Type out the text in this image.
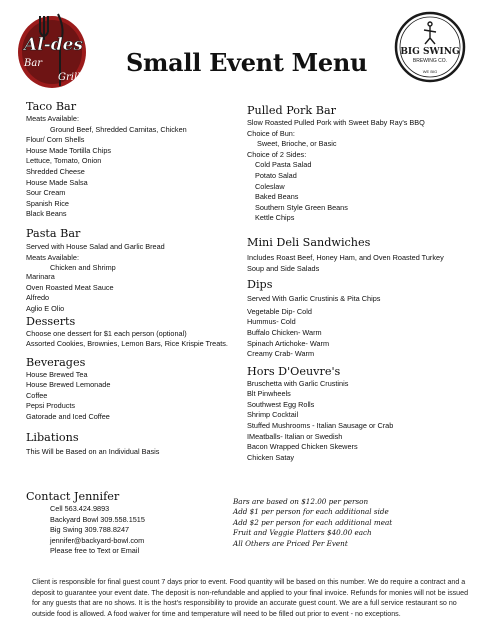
Al-des
Bar
Grill
BIG SWING
BREWING CO.
WE BIG
Small Event Menu
Taco Bar
Meats Available:
Ground Beef, Shredded Carnitas, Chicken
Flour/ Corn Shells
House Made Tortilla Chips
Lettuce, Tomato, Onion
Shredded Cheese
House Made Salsa
Sour Cream
Spanish Rice
Black Beans
Pasta Bar
Served with House Salad and Garlic Bread
Meats Available:
Chicken and Shrimp
Marinara
Oven Roasted Meat Sauce
Alfredo
Aglio E Olio
Desserts
Choose one dessert for $1 each person (optional)
Assorted Cookies, Brownies, Lemon Bars, Rice Krispie Treats.
Beverages
House Brewed Tea
House Brewed Lemonade
Coffee
Pepsi Products
Gatorade and Iced Coffee
Libations
This Will be Based on an Individual Basis
Pulled Pork Bar
Slow Roasted Pulled Pork with Sweet Baby Ray's BBQ
Choice of Bun:
Sweet, Brioche, or Basic
Choice of 2 Sides:
Cold Pasta Salad
Potato Salad
Coleslaw
Baked Beans
Southern Style Green Beans
Kettle Chips
Mini Deli Sandwiches
Includes Roast Beef, Honey Ham, and Oven Roasted Turkey
Soup and Side Salads
Dips
Served With Garlic Crustinis & Pita Chips
Vegetable Dip- Cold
Hummus- Cold
Buffalo Chicken- Warm
Spinach Artichoke- Warm
Creamy Crab- Warm
Hors D'Oeuvre's
Bruschetta with Garlic Crustinis
Blt Pinwheels
Southwest Egg Rolls
Shrimp Cocktail
Stuffed Mushrooms - Italian Sausage or Crab
IMeatballs- Italian or Swedish
Bacon Wrapped Chicken Skewers
Chicken Satay
Contact Jennifer
Cell 563.424.9893
Backyard Bowl 309.558.1515
Big Swing 309.788.8247
jennifer@backyard-bowl.com
Please free to Text or Email
Bars are based on $12.00 per person
Add $1 per person for each additional side
Add $2 per person for each additional meat
Fruit and Veggie Platters $40.00 each
All Others are Priced Per Event
Client is responsible for final guest count 7 days prior to event. Food quantity will be based on this number. We do require a contract and a deposit to guarantee your event date. The deposit is non-refundable and applied to your final invoice. Refunds for monies will not be issued for any guests that are no shows. It is the host's responsibility to provide an accurate guest count. We are a full service restaurant so no outside food is allowed. A food waiver for time and temperature will need to be filled out prior to event - no exceptions.
